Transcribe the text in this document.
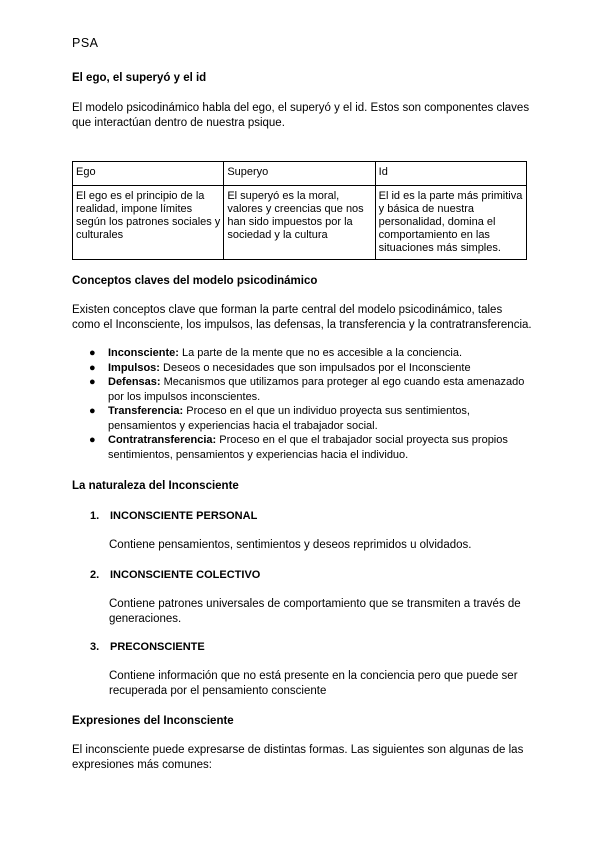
PSA
El ego, el superyó y el id
El modelo psicodinámico habla del ego, el superyó y el id. Estos son componentes claves que interactúan dentro de nuestra psique.
Ego	Superyo	Id
El ego es el principio de la realidad, impone límites según los patrones sociales y culturales	El superyó es la moral, valores y creencias que nos han sido impuestos por la sociedad y la cultura	El id es la parte más primitiva y básica de nuestra personalidad, domina el comportamiento en las situaciones más simples.
Conceptos claves del modelo psicodinámico
Existen conceptos clave que forman la parte central del modelo psicodinámico, tales como el Inconsciente, los impulsos, las defensas, la transferencia y la contratransferencia.
● Inconsciente: La parte de la mente que no es accesible a la conciencia.
● Impulsos: Deseos o necesidades que son impulsados por el Inconsciente
● Defensas: Mecanismos que utilizamos para proteger al ego cuando esta amenazado por los impulsos inconscientes.
● Transferencia: Proceso en el que un individuo proyecta sus sentimientos, pensamientos y experiencias hacia el trabajador social.
● Contratransferencia: Proceso en el que el trabajador social proyecta sus propios sentimientos, pensamientos y experiencias hacia el individuo.
La naturaleza del Inconsciente
1. INCONSCIENTE PERSONAL
Contiene pensamientos, sentimientos y deseos reprimidos u olvidados.
2. INCONSCIENTE COLECTIVO
Contiene patrones universales de comportamiento que se transmiten a través de generaciones.
3. PRECONSCIENTE
Contiene información que no está presente en la conciencia pero que puede ser recuperada por el pensamiento consciente
Expresiones del Inconsciente
El inconsciente puede expresarse de distintas formas. Las siguientes son algunas de las expresiones más comunes:
